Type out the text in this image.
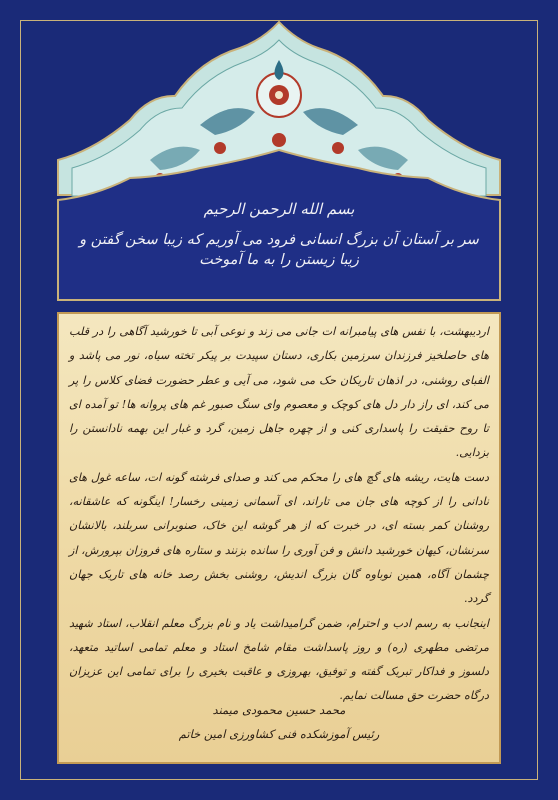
بسم الله الرحمن الرحيم
سر بر آستان آن بزرگ انسانی فرود می آوریم که زیبا سخن گفتن و زیبا زیستن را به ما آموخت

اردیبهشت، با نفس های پیامبرانه ات جانی می زند و نوعی آبی تا خورشید آگاهی را در قلب های حاصلخیز فرزندان سرزمین بکاری، دستان سپیدت بر پیکر تخته سیاه، نور می پاشد و الفبای روشنی، در اذهان تاریکان حک می شود، می آیی و عطر حضورت فضای کلاس را پر می کند، ای راز دار دل های کوچک و معصوم وای سنگ صبور غم های پروانه ها! تو آمده ای تا روح حقیقت را پاسداری کنی و از چهره جاهل زمین، گرد و غبار این بهمه نادانستن را بزدایی.

دست هایت، ریشه های گچ های را محکم می کند و صدای فرشته گونه ات، ساعه غول های نادانی را از کوچه های جان می تاراند، ای آسمانی زمینی رخسار! اینگونه که عاشقانه، روشنان کمر بسته ای، در خبرت که از هر گوشه این خاک، صنوبرانی سربلند، بالانشان سرنشان، کیهان خورشید دانش و فن آوری را سانده بزنند و ستاره های فروزان بپرورش، از چشمان آگاه، همین نوباوه گان بزرگ اندیش، روشنی بخش رصد خانه های تاریک جهان گردد.

اینجانب به رسم ادب و احترام، ضمن گرامیداشت یاد و نام بزرگ معلم انقلاب، استاد شهید مرتضی مطهری (ره) و روز پاسداشت مقام شامخ استاد و معلم تمامی اساتید متعهد، دلسوز و فداکار تبریک گفته و توفیق، بهروزی و عاقبت بخیری را برای تمامی این عزیزان درگاه حضرت حق مسالت نمایم.

محمد حسین محمودی میمند
رئیس آموزشکده فنی کشاورزی امین خاتم
